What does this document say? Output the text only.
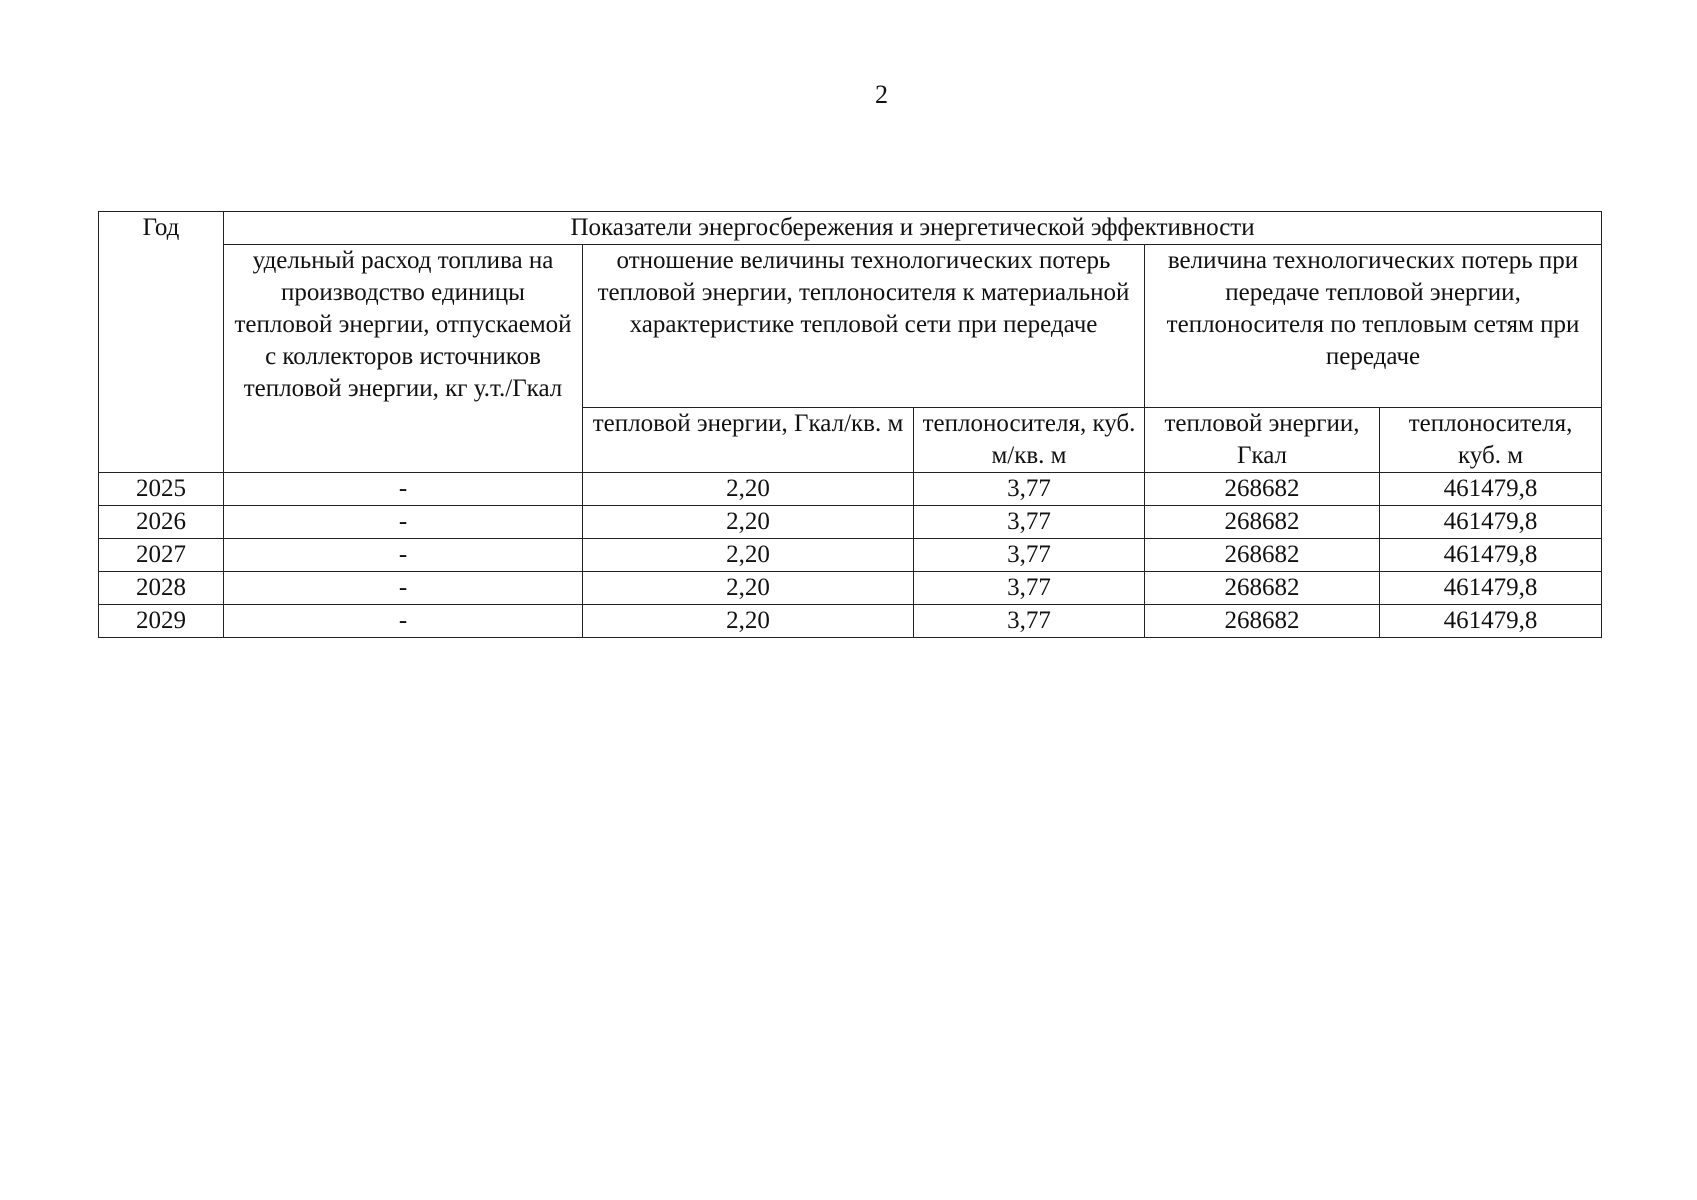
2
Год	Показатели энергосбережения и энергетической эффективности				
	удельный расход топлива на производство единицы тепловой энергии, отпускаемой с коллекторов источников тепловой энергии, кг у.т./Гкал	отношение величины технологических потерь тепловой энергии, теплоносителя к материальной характеристике тепловой сети при передаче		величина технологических потерь при передаче тепловой энергии, теплоносителя по тепловым сетям при передаче	
		тепловой энергии, Гкал/кв. м	теплоносителя, куб. м/кв. м	тепловой энергии, Гкал	теплоносителя, куб. м
2025	-	2,20	3,77	268682	461479,8
2026	-	2,20	3,77	268682	461479,8
2027	-	2,20	3,77	268682	461479,8
2028	-	2,20	3,77	268682	461479,8
2029	-	2,20	3,77	268682	461479,8
